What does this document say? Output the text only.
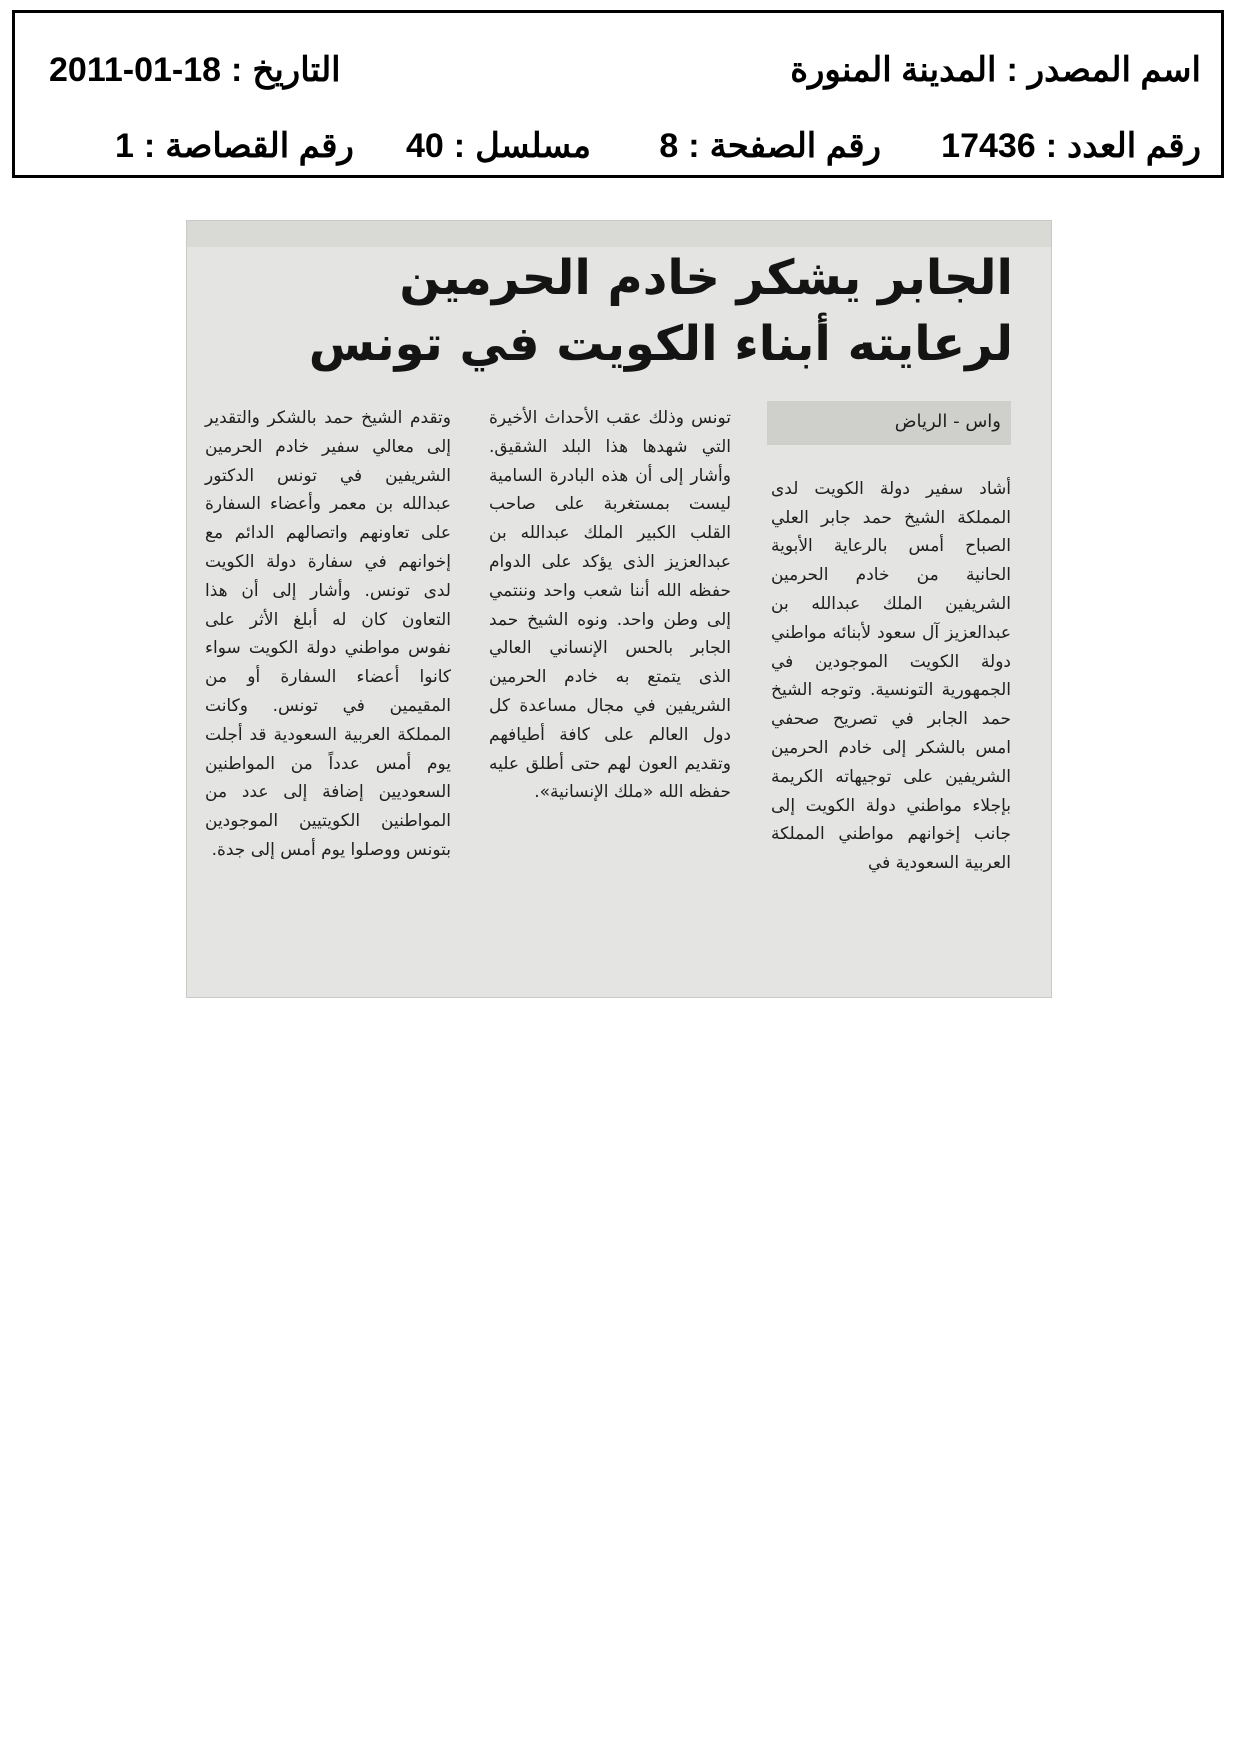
اسم المصدر:المدينة المنورة
التاريخ:2011-01-18
رقم العدد:17436
رقم الصفحة:8
مسلسل:40
رقم القصاصة:1
الجابر يشكر خادم الحرمين لرعايته أبناء الكويت في تونس
واس - الرياض
أشاد سفير دولة الكويت لدى المملكة الشيخ حمد جابر العلي الصباح أمس بالرعاية الأبوية الحانية من خادم الحرمين الشريفين الملك عبدالله بن عبدالعزيز آل سعود لأبنائه مواطني دولة الكويت الموجودين في الجمهورية التونسية. وتوجه الشيخ حمد الجابر في تصريح صحفي امس بالشكر إلى خادم الحرمين الشريفين على توجيهاته الكريمة بإجلاء مواطني دولة الكويت إلى جانب إخوانهم مواطني المملكة العربية السعودية في
تونس وذلك عقب الأحداث الأخيرة التي شهدها هذا البلد الشقيق. وأشار إلى أن هذه البادرة السامية ليست بمستغربة على صاحب القلب الكبير الملك عبدالله بن عبدالعزيز الذى يؤكد على الدوام حفظه الله أننا شعب واحد وننتمي إلى وطن واحد. ونوه الشيخ حمد الجابر بالحس الإنساني العالي الذى يتمتع به خادم الحرمين الشريفين في مجال مساعدة كل دول العالم على كافة أطيافهم وتقديم العون لهم حتى أطلق عليه حفظه الله «ملك الإنسانية».
وتقدم الشيخ حمد بالشكر والتقدير إلى معالي سفير خادم الحرمين الشريفين في تونس الدكتور عبدالله بن معمر وأعضاء السفارة على تعاونهم واتصالهم الدائم مع إخوانهم في سفارة دولة الكويت لدى تونس. وأشار إلى أن هذا التعاون كان له أبلغ الأثر على نفوس مواطني دولة الكويت سواء كانوا أعضاء السفارة أو من المقيمين في تونس. وكانت المملكة العربية السعودية قد أجلت يوم أمس عدداً من المواطنين السعوديين إضافة إلى عدد من المواطنين الكويتيين الموجودين بتونس ووصلوا يوم أمس إلى جدة.
